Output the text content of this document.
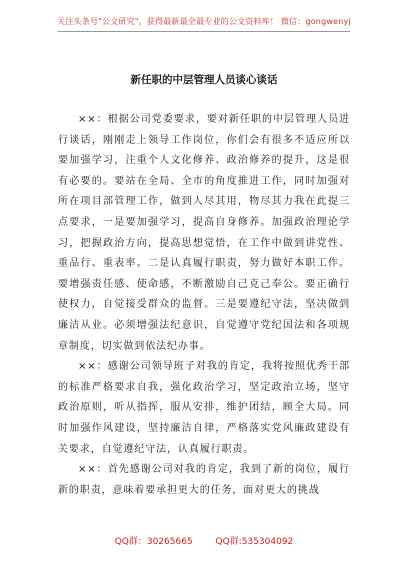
关注头条号"公文研究"，获得最新最全最专业的公文资料库！ 微信：gongwenyj
新任职的中层管理人员谈心谈话

××：根据公司党委要求，要对新任职的中层管理人员进行谈话，刚刚走上领导工作岗位，你们会有很多不适应所以要加强学习，注重个人文化修养、政治修养的提升，这是很有必要的。要站在全局、全市的角度推进工作，同时加强对所在项目部管理工作，做到人尽其用，物尽其力我在此提三点要求，一是要加强学习，提高自身修养。加强政治理论学习，把握政治方向，提高思想觉悟，在工作中做到讲党性、重品行、重表率。二是认真履行职责，努力做好本职工作。要增强责任感、使命感，不断激励自己克己奉公。要正确行使权力，自觉接受群众的监督。三是要遵纪守法，坚决做到廉洁从业。必须增强法纪意识，自觉遵守党纪国法和各项规章制度，切实做到依法纪办事。

××：感谢公司领导班子对我的肯定，我将按照优秀干部的标准严格要求自我，强化政治学习，坚定政治立场，坚守政治原则，听从指挥，服从安排，维护团结，顾全大局。同时加强作风建设，坚持廉洁自律，严格落实党风廉政建设有关要求，自觉遵纪守法，认真履行职责。

××：首先感谢公司对我的肯定，我到了新的岗位，履行新的职责，意味着要承担更大的任务，面对更大的挑战

QQ群：30265665	QQ群:535304092
